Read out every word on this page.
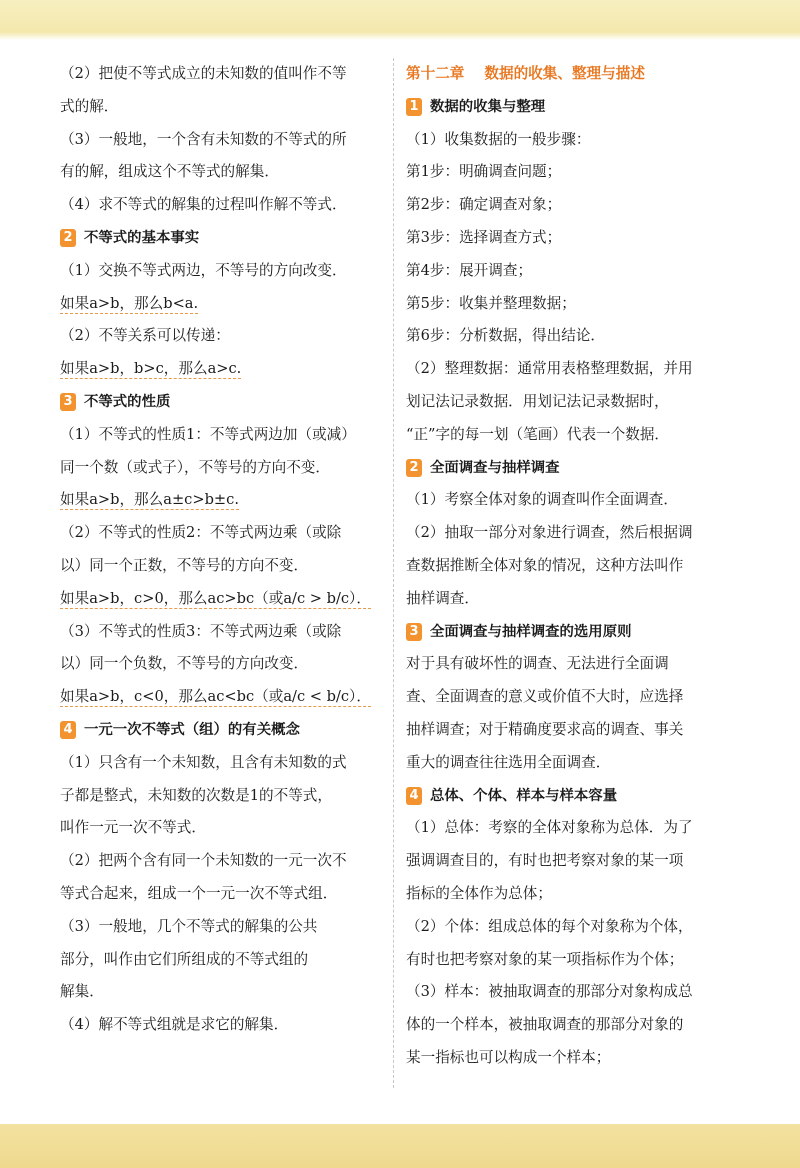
（2）把使不等式成立的未知数的值叫作不等
式的解．
（3）一般地，一个含有未知数的不等式的所
有的解，组成这个不等式的解集．
（4）求不等式的解集的过程叫作解不等式．
2 不等式的基本事实
（1）交换不等式两边，不等号的方向改变．
如果a>b，那么b<a.
（2）不等关系可以传递：
如果a>b，b>c，那么a>c.
3 不等式的性质
（1）不等式的性质1：不等式两边加（或减）
同一个数（或式子），不等号的方向不变．
如果a>b，那么a±c>b±c.
（2）不等式的性质2：不等式两边乘（或除
以）同一个正数，不等号的方向不变．
如果a>b，c>0，那么ac>bc（或a/c > b/c）．
（3）不等式的性质3：不等式两边乘（或除
以）同一个负数，不等号的方向改变．
如果a>b，c<0，那么ac<bc（或a/c < b/c）．
4 一元一次不等式（组）的有关概念
（1）只含有一个未知数，且含有未知数的式
子都是整式，未知数的次数是1的不等式，
叫作一元一次不等式．
（2）把两个含有同一个未知数的一元一次不
等式合起来，组成一个一元一次不等式组．
（3）一般地，几个不等式的解集的公共
部分，叫作由它们所组成的不等式组的
解集．
（4）解不等式组就是求它的解集．
第十二章 数据的收集、整理与描述
1 数据的收集与整理
（1）收集数据的一般步骤：
第1步：明确调查问题；
第2步：确定调查对象；
第3步：选择调查方式；
第4步：展开调查；
第5步：收集并整理数据；
第6步：分析数据，得出结论．
（2）整理数据：通常用表格整理数据，并用
划记法记录数据．用划记法记录数据时，
“正”字的每一划（笔画）代表一个数据．
2 全面调查与抽样调查
（1）考察全体对象的调查叫作全面调查．
（2）抽取一部分对象进行调查，然后根据调
查数据推断全体对象的情况，这种方法叫作
抽样调查．
3 全面调查与抽样调查的选用原则
对于具有破坏性的调查、无法进行全面调
查、全面调查的意义或价值不大时，应选择
抽样调查；对于精确度要求高的调查、事关
重大的调查往往选用全面调查．
4 总体、个体、样本与样本容量
（1）总体：考察的全体对象称为总体．为了
强调调查目的，有时也把考察对象的某一项
指标的全体作为总体；
（2）个体：组成总体的每个对象称为个体，
有时也把考察对象的某一项指标作为个体；
（3）样本：被抽取调查的那部分对象构成总
体的一个样本，被抽取调查的那部分对象的
某一指标也可以构成一个样本；
